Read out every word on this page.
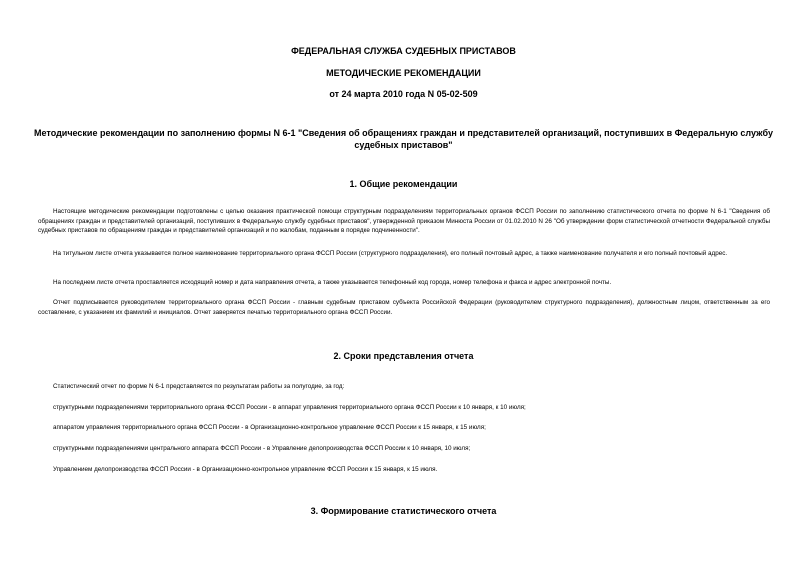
ФЕДЕРАЛЬНАЯ СЛУЖБА СУДЕБНЫХ ПРИСТАВОВ
МЕТОДИЧЕСКИЕ РЕКОМЕНДАЦИИ
от 24 марта 2010 года N 05-02-509
Методические рекомендации по заполнению формы N 6-1 "Сведения об обращениях граждан и представителей организаций, поступивших в Федеральную службу судебных приставов"
1. Общие рекомендации
Настоящие методические рекомендации подготовлены с целью оказания практической помощи структурным подразделениям территориальных органов ФССП России по заполнению статистического отчета по форме N 6-1 "Сведения об обращениях граждан и представителей организаций, поступивших в Федеральную службу судебных приставов", утвержденной приказом Минюста России от 01.02.2010 N 26 "Об утверждении форм статистической отчетности Федеральной службы судебных приставов по обращениям граждан и представителей организаций и по жалобам, поданным в порядке подчиненности".
На титульном листе отчета указывается полное наименование территориального органа ФССП России (структурного подразделения), его полный почтовый адрес, а также наименование получателя и его полный почтовый адрес.
На последнем листе отчета проставляется исходящий номер и дата направления отчета, а также указывается телефонный код города, номер телефона и факса и адрес электронной почты.
Отчет подписывается руководителем территориального органа ФССП России - главным судебным приставом субъекта Российской Федерации (руководителем структурного подразделения), должностным лицом, ответственным за его составление, с указанием их фамилий и инициалов. Отчет заверяется печатью территориального органа ФССП России.
2. Сроки представления отчета
Статистический отчет по форме N 6-1 представляется по результатам работы за полугодие, за год:
структурными подразделениями территориального органа ФССП России - в аппарат управления территориального органа ФССП России к 10 января, к 10 июля;
аппаратом управления территориального органа ФССП России - в Организационно-контрольное управление ФССП России к 15 января, к 15 июля;
структурными подразделениями центрального аппарата ФССП России - в Управление делопроизводства ФССП России к 10 января, 10 июля;
Управлением делопроизводства ФССП России - в Организационно-контрольное управление ФССП России к 15 января, к 15 июля.
3. Формирование статистического отчета
